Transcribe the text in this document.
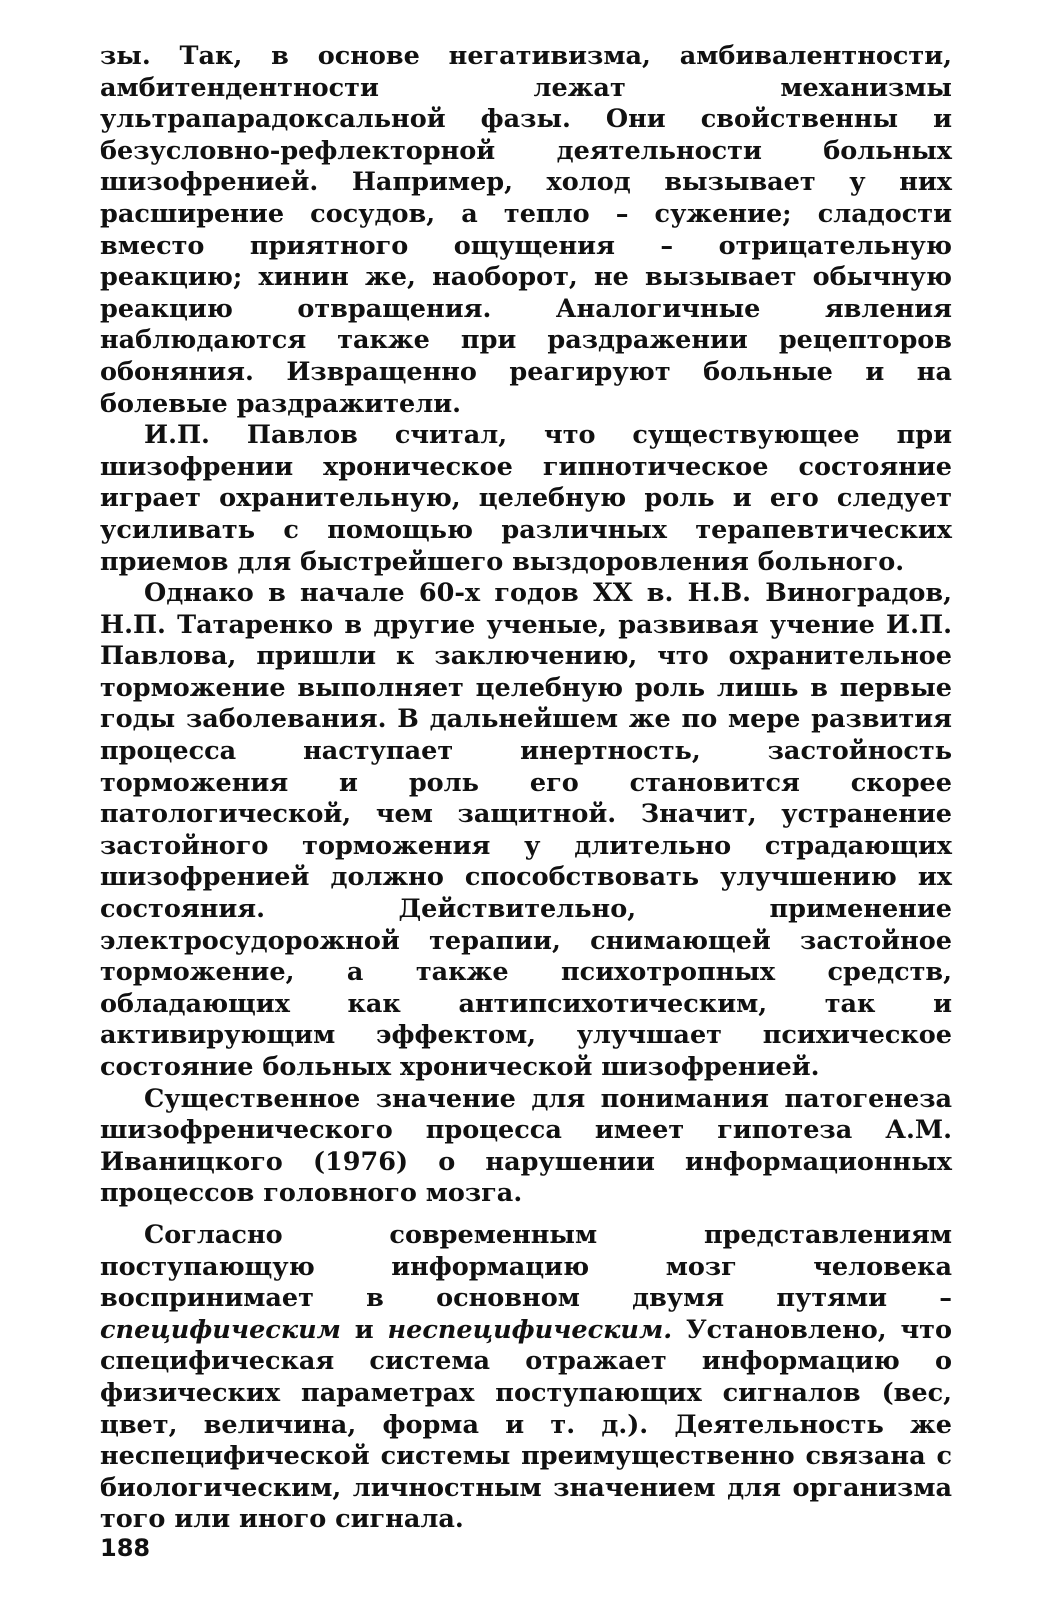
зы. Так, в основе негативизма, амбивалентности, амбитендентности лежат механизмы ультрапарадоксальной фазы. Они свойственны и безусловно-рефлекторной деятельности больных шизофренией. Например, холод вызывает у них расширение сосудов, а тепло – сужение; сладости вместо приятного ощущения – отрицательную реакцию; хинин же, наоборот, не вызывает обычную реакцию отвращения. Аналогичные явления наблюдаются также при раздражении рецепторов обоняния. Извращенно реагируют больные и на болевые раздражители.

И.П. Павлов считал, что существующее при шизофрении хроническое гипнотическое состояние играет охранительную, целебную роль и его следует усиливать с помощью различных терапевтических приемов для быстрейшего выздоровления больного.

Однако в начале 60-х годов XX в. Н.В. Виноградов, Н.П. Татаренко в другие ученые, развивая учение И.П. Павлова, пришли к заключению, что охранительное торможение выполняет целебную роль лишь в первые годы заболевания. В дальнейшем же по мере развития процесса наступает инертность, застойность торможения и роль его становится скорее патологической, чем защитной. Значит, устранение застойного торможения у длительно страдающих шизофренией должно способствовать улучшению их состояния. Действительно, применение электросудорожной терапии, снимающей застойное торможение, а также психотропных средств, обладающих как антипсихотическим, так и активирующим эффектом, улучшает психическое состояние больных хронической шизофренией.

Существенное значение для понимания патогенеза шизофренического процесса имеет гипотеза А.М. Иваницкого (1976) о нарушении информационных процессов головного мозга.

Согласно современным представлениям поступающую информацию мозг человека воспринимает в основном двумя путями – специфическим и неспецифическим. Установлено, что специфическая система отражает информацию о физических параметрах поступающих сигналов (вес, цвет, величина, форма и т. д.). Деятельность же неспецифической системы преимущественно связана с биологическим, личностным значением для организма того или иного сигнала.

188
